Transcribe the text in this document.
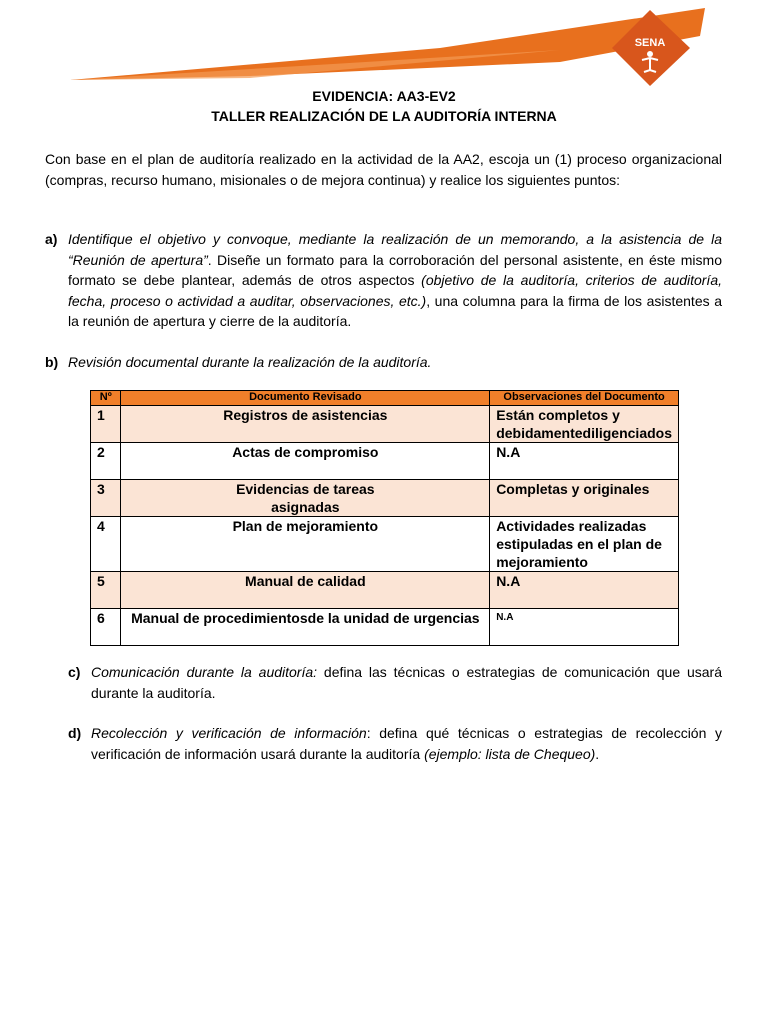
SENA
EVIDENCIA: AA3-EV2
TALLER REALIZACIÓN DE LA AUDITORÍA INTERNA
Con base en el plan de auditoría realizado en la actividad de la AA2, escoja un (1) proceso organizacional (compras, recurso humano, misionales o de mejora continua) y realice los siguientes puntos:
a) Identifique el objetivo y convoque, mediante la realización de un memorando, a la asistencia de la “Reunión de apertura”. Diseñe un formato para la corroboración del personal asistente, en éste mismo formato se debe plantear, además de otros aspectos (objetivo de la auditoría, criterios de auditoría, fecha, proceso o actividad a auditar, observaciones, etc.), una columna para la firma de los asistentes a la reunión de apertura y cierre de la auditoría.
b) Revisión documental durante la realización de la auditoría.
Nº	Documento Revisado	Observaciones del Documento
1	Registros de asistencias	Están completos y debidamentediligenciados
2	Actas de compromiso	N.A
3	Evidencias de tareas asignadas	Completas y originales
4	Plan de mejoramiento	Actividades realizadas estipuladas en el plan de mejoramiento
5	Manual de calidad	N.A
6	Manual de procedimientosde la unidad de urgencias	N.A
c) Comunicación durante la auditoría: defina las técnicas o estrategias de comunicación que usará durante la auditoría.
d) Recolección y verificación de información: defina qué técnicas o estrategias de recolección y verificación de información usará durante la auditoría (ejemplo: lista de Chequeo).
